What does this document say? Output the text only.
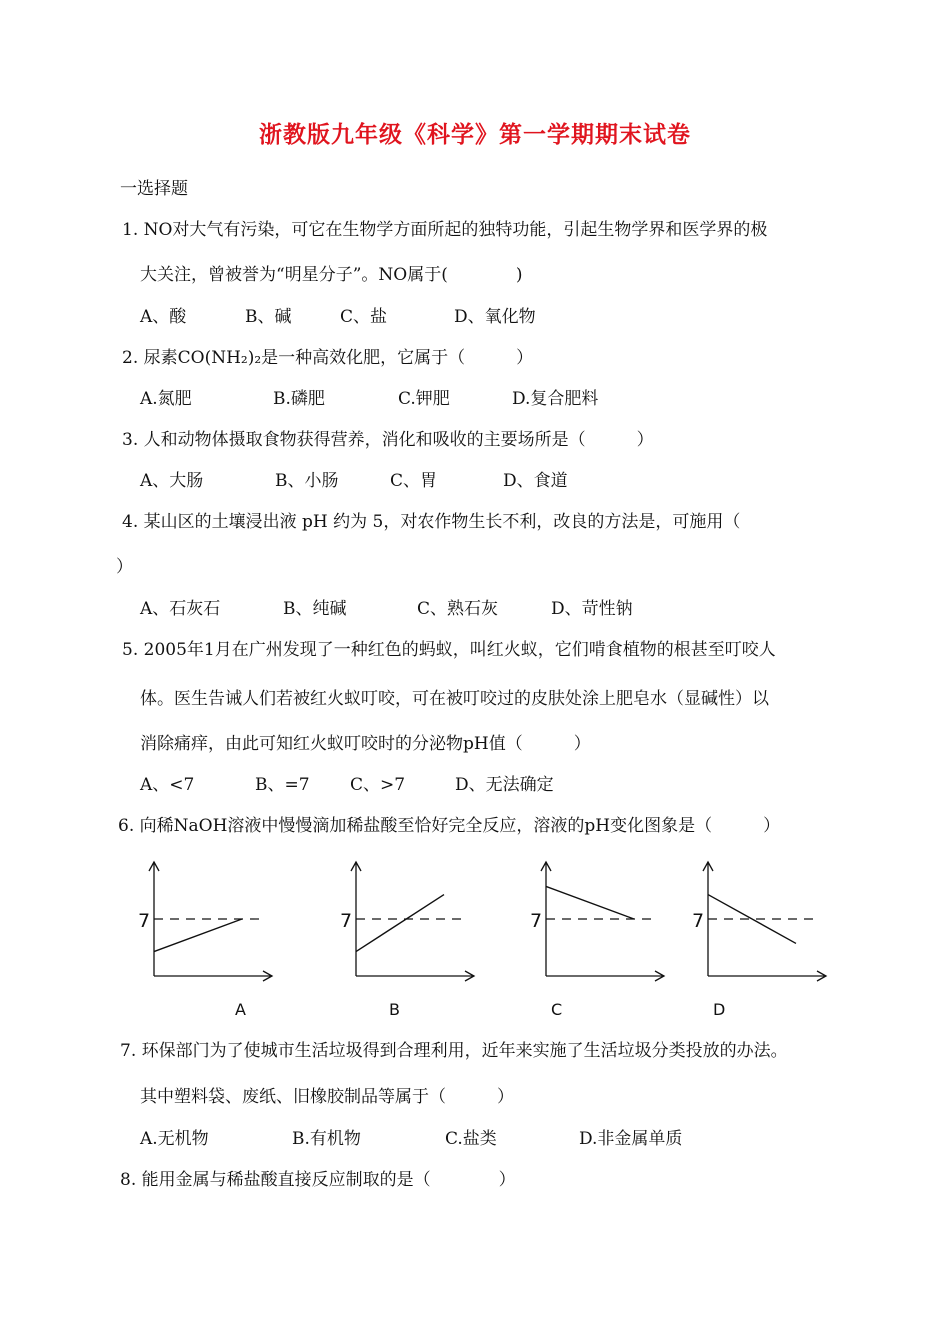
浙教版九年级《科学》第一学期期末试卷
一选择题
1. NO对大气有污染，可它在生物学方面所起的独特功能，引起生物学界和医学界的极
大关注，曾被誉为“明星分子”。NO属于(　　　　)
A、酸	B、碱	C、盐	D、氧化物
2. 尿素CO(NH₂)₂是一种高效化肥，它属于（　　　）
A.氮肥	B.磷肥	C.钾肥	D.复合肥料
3. 人和动物体摄取食物获得营养，消化和吸收的主要场所是（　　　）
A、大肠	B、小肠	C、胃	D、食道
4. 某山区的土壤浸出液 pH 约为 5，对农作物生长不利，改良的方法是，可施用（
）
A、石灰石	B、纯碱	C、熟石灰	D、苛性钠
5. 2005年1月在广州发现了一种红色的蚂蚁，叫红火蚁，它们啃食植物的根甚至叮咬人
体。医生告诫人们若被红火蚁叮咬，可在被叮咬过的皮肤处涂上肥皂水（显碱性）以
消除痛痒，由此可知红火蚁叮咬时的分泌物pH值（　　　）
A、<7	B、=7 C、>7	D、无法确定
6. 向稀NaOH溶液中慢慢滴加稀盐酸至恰好完全反应，溶液的pH变化图象是（　　　）
7	7	7	7
A	B	C	D
7. 环保部门为了使城市生活垃圾得到合理利用，近年来实施了生活垃圾分类投放的办法。
其中塑料袋、废纸、旧橡胶制品等属于（　　　）
A.无机物	B.有机物	C.盐类	D.非金属单质
8. 能用金属与稀盐酸直接反应制取的是（　　　　）
